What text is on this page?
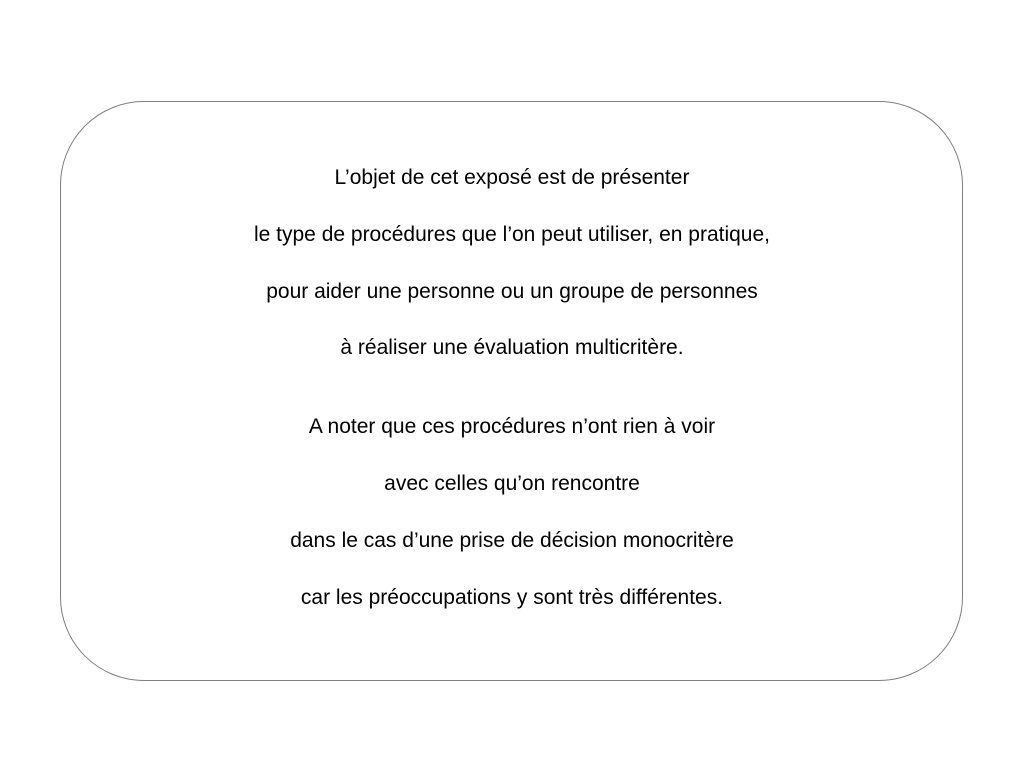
L’objet de cet exposé est de présenter
le type de procédures que l’on peut utiliser, en pratique,
pour aider une personne ou un groupe de personnes
à réaliser une évaluation multicritère.
A noter que ces procédures n’ont rien à voir
avec celles qu’on rencontre
dans le cas d’une prise de décision monocritère
car les préoccupations y sont très différentes.
